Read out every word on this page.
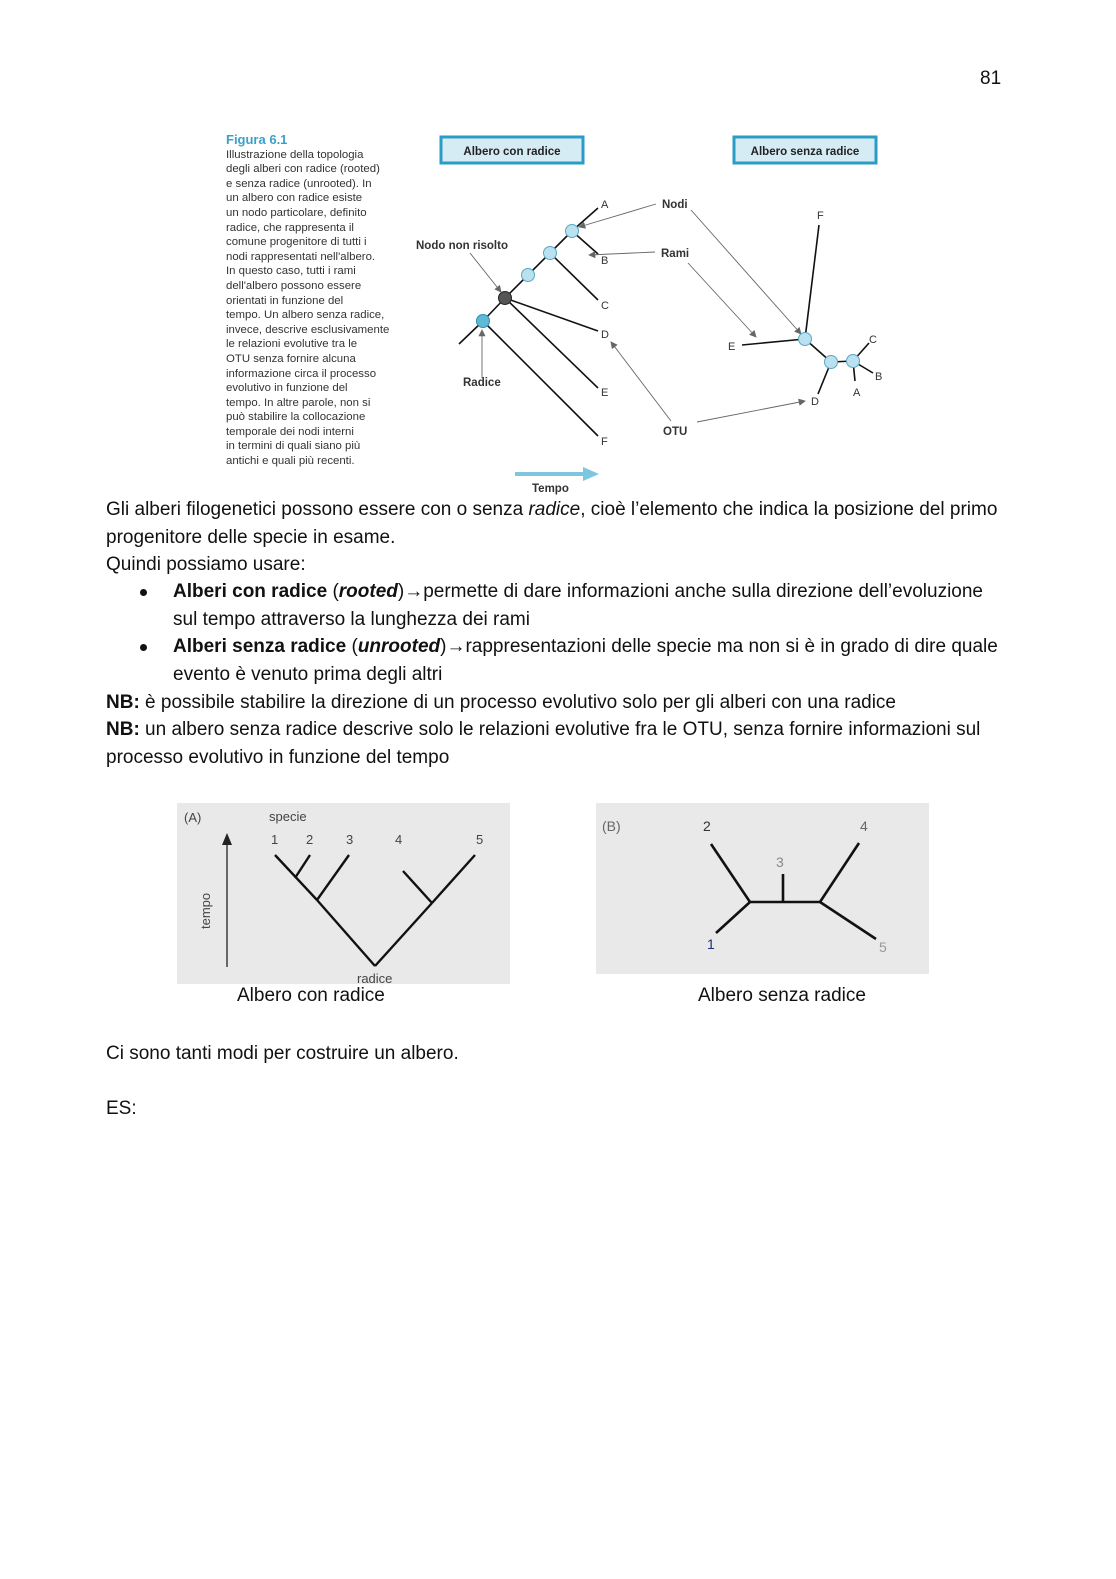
81
Figura 6.1
Illustrazione della topologia
degli alberi con radice (rooted)
e senza radice (unrooted). In
un albero con radice esiste
un nodo particolare, definito
radice, che rappresenta il
comune progenitore di tutti i
nodi rappresentati nell'albero.
In questo caso, tutti i rami
dell'albero possono essere
orientati in funzione del
tempo. Un albero senza radice,
invece, descrive esclusivamente
le relazioni evolutive tra le
OTU senza fornire alcuna
informazione circa il processo
evolutivo in funzione del
tempo. In altre parole, non si
può stabilire la collocazione
temporale dei nodi interni
in termini di quali siano più
antichi e quali più recenti.
Albero con radice	Albero senza radice
A
B
C
D
E
F
Nodo non risolto
Radice
Nodi
Rami
OTU
Tempo
F
E
D
A
B
C
Gli alberi filogenetici possono essere con o senza radice, cioè l’elemento che indica la posizione del primo progenitore delle specie in esame.
Quindi possiamo usare:
Alberi con radice (rooted)→permette di dare informazioni anche sulla direzione dell’evoluzione sul tempo attraverso la lunghezza dei rami
Alberi senza radice (unrooted)→rappresentazioni delle specie ma non si è in grado di dire quale evento è venuto prima degli altri
NB: è possibile stabilire la direzione di un processo evolutivo solo per gli alberi con una radice
NB: un albero senza radice descrive solo le relazioni evolutive fra le OTU, senza fornire informazioni sul processo evolutivo in funzione del tempo
(A)	specie
1 2	3	4	5
radice
tempo
Albero con radice
(B)
1
2
3
4
5
Albero senza radice
Ci sono tanti modi per costruire un albero.
ES:
